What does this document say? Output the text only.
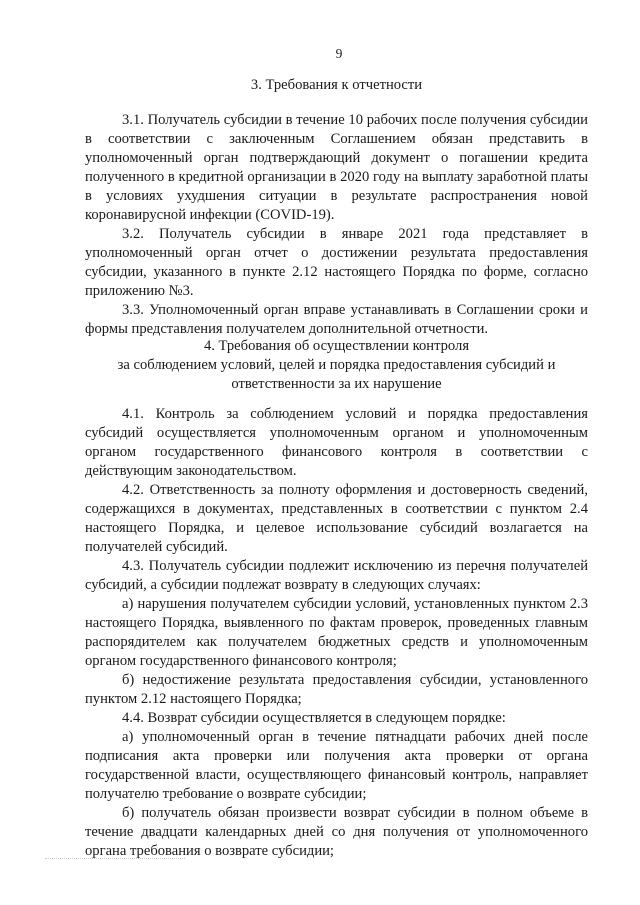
9
3. Требования к отчетности

3.1. Получатель субсидии в течение 10 рабочих после получения субсидии в соответствии с заключенным Соглашением обязан представить в уполномоченный орган подтверждающий документ о погашении кредита полученного в кредитной организации в 2020 году на выплату заработной платы в условиях ухудшения ситуации в результате распространения новой коронавирусной инфекции (COVID-19).

3.2. Получатель субсидии в январе 2021 года представляет в уполномоченный орган отчет о достижении результата предоставления субсидии, указанного в пункте 2.12 настоящего Порядка по форме, согласно приложению №3.

3.3. Уполномоченный орган вправе устанавливать в Соглашении сроки и формы представления получателем дополнительной отчетности.

4. Требования об осуществлении контроля
за соблюдением условий, целей и порядка предоставления субсидий и
ответственности за их нарушение

4.1. Контроль за соблюдением условий и порядка предоставления субсидий осуществляется уполномоченным органом и уполномоченным органом государственного финансового контроля в соответствии с действующим законодательством.

4.2. Ответственность за полноту оформления и достоверность сведений, содержащихся в документах, представленных в соответствии с пунктом 2.4 настоящего Порядка, и целевое использование субсидий возлагается на получателей субсидий.

4.3. Получатель субсидии подлежит исключению из перечня получателей субсидий, а субсидии подлежат возврату в следующих случаях:

а) нарушения получателем субсидии условий, установленных пунктом 2.3 настоящего Порядка, выявленного по фактам проверок, проведенных главным распорядителем как получателем бюджетных средств и уполномоченным органом государственного финансового контроля;

б) недостижение результата предоставления субсидии, установленного пунктом 2.12 настоящего Порядка;

4.4. Возврат субсидии осуществляется в следующем порядке:

а) уполномоченный орган в течение пятнадцати рабочих дней после подписания акта проверки или получения акта проверки от органа государственной власти, осуществляющего финансовый контроль, направляет получателю требование о возврате субсидии;

б) получатель обязан произвести возврат субсидии в полном объеме в течение двадцати календарных дней со дня получения от уполномоченного органа требования о возврате субсидии;
